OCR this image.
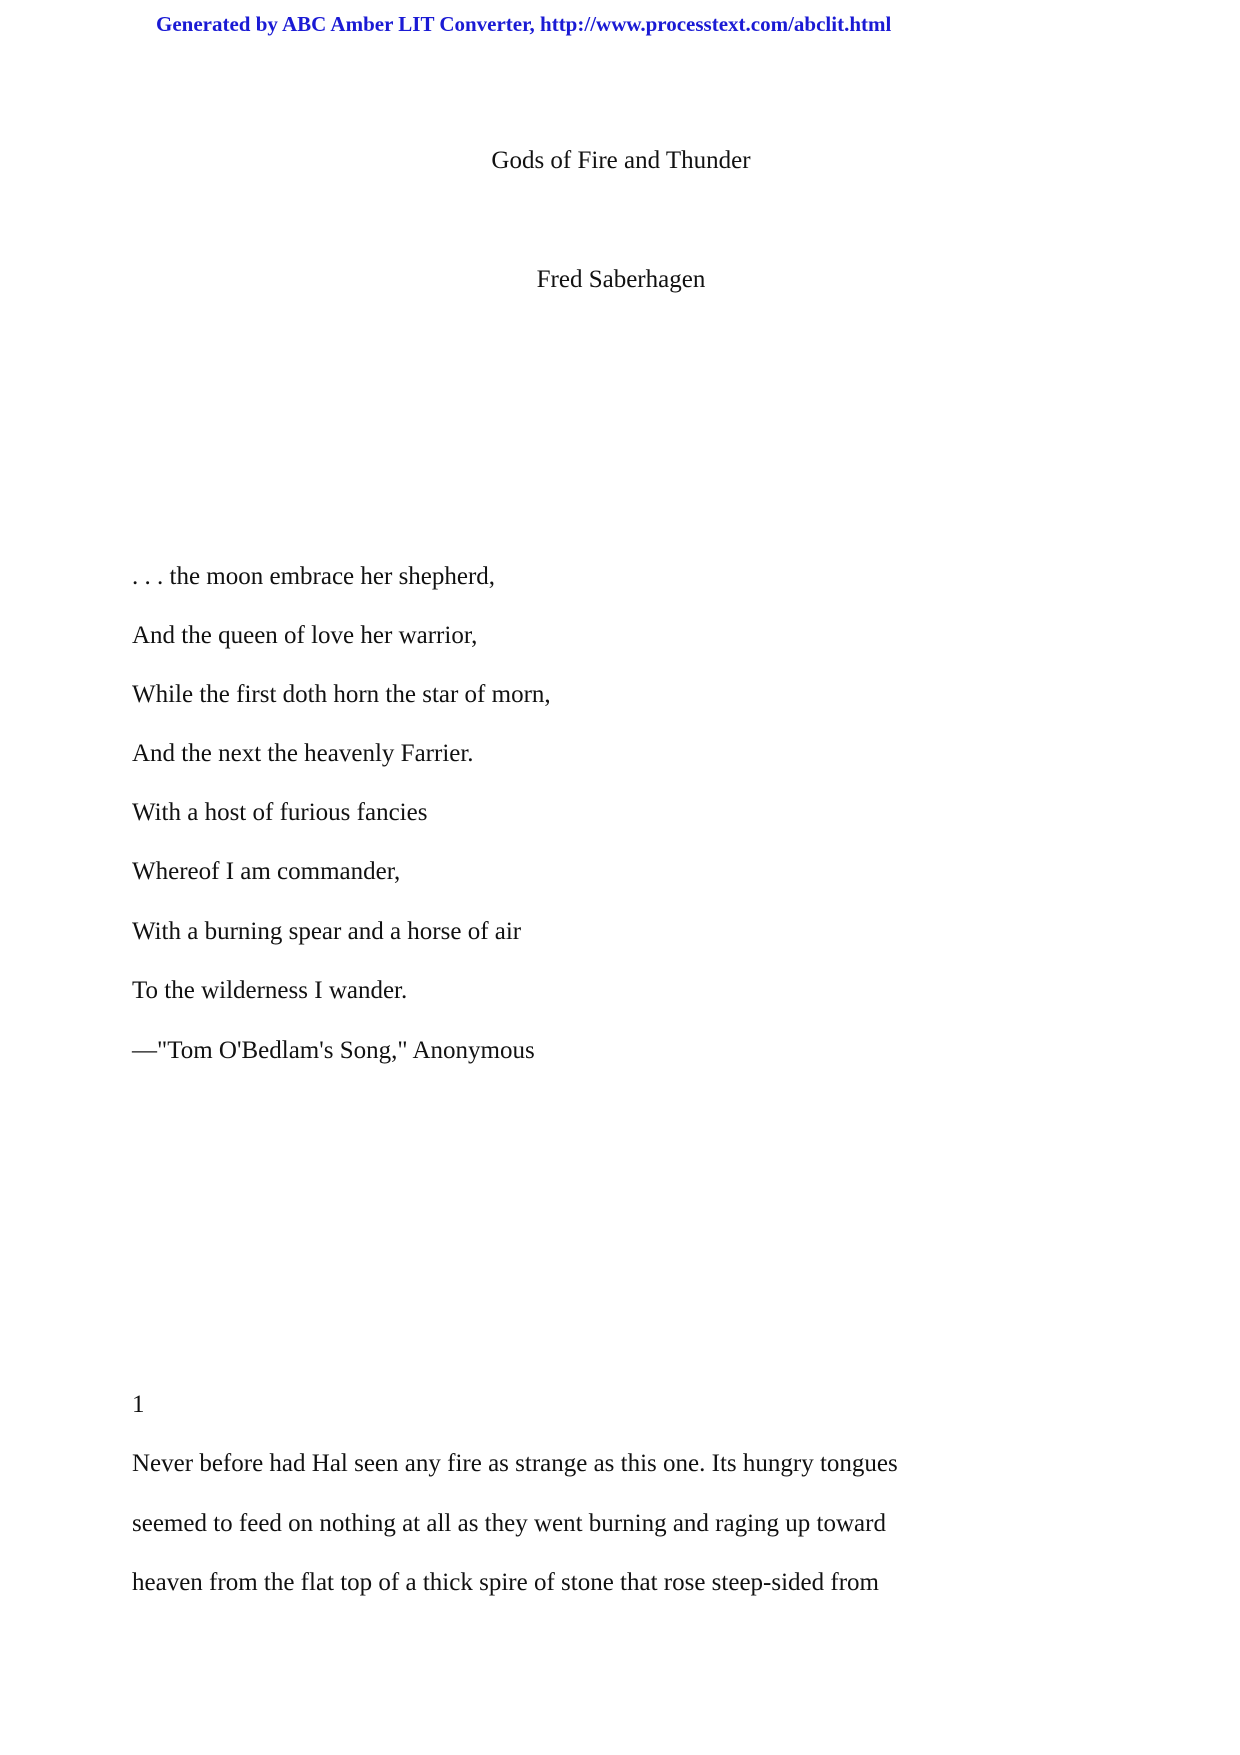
Generated by ABC Amber LIT Converter, http://www.processtext.com/abclit.html
Gods of Fire and Thunder
Fred Saberhagen

. . . the moon embrace her shepherd,

And the queen of love her warrior,

While the first doth horn the star of morn,

And the next the heavenly Farrier.

With a host of furious fancies

Whereof I am commander,

With a burning spear and a horse of air

To the wilderness I wander.

—"Tom O'Bedlam's Song," Anonymous

1

Never before had Hal seen any fire as strange as this one. Its hungry tongues

seemed to feed on nothing at all as they went burning and raging up toward

heaven from the flat top of a thick spire of stone that rose steep-sided from
